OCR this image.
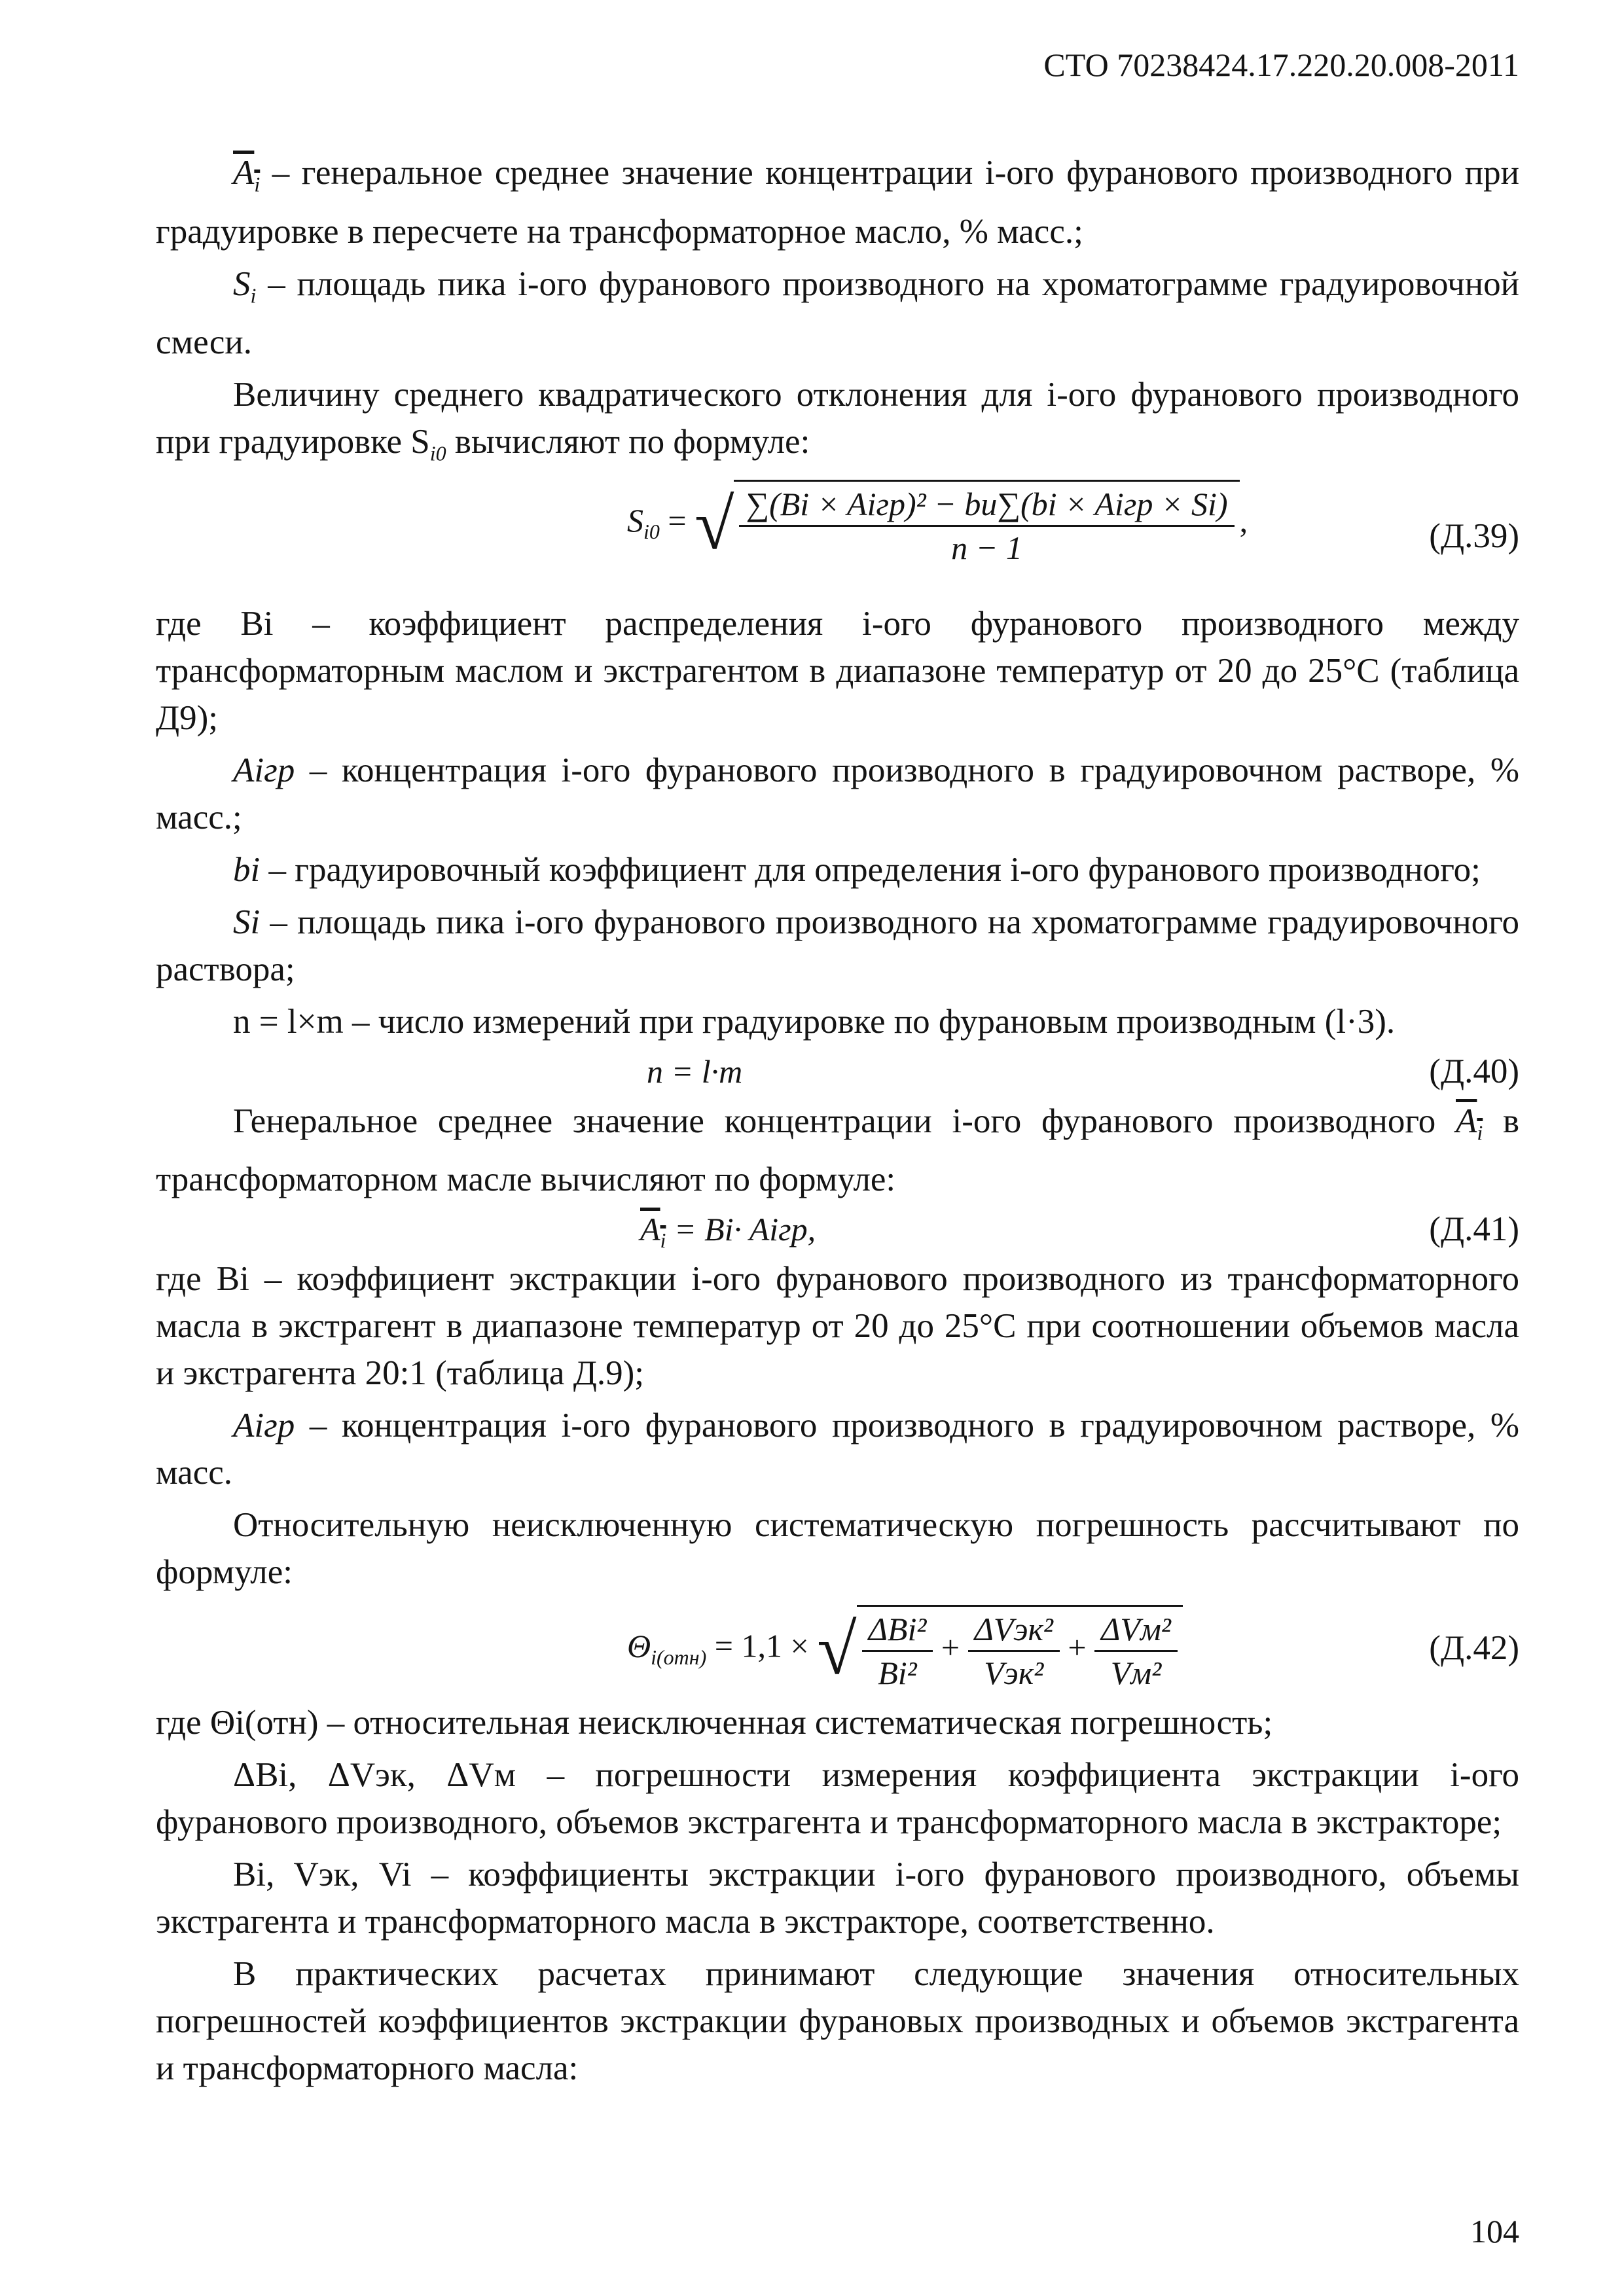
СТО 70238424.17.220.20.008-2011

$A_i$ – генеральное среднее значение концентрации i-ого фуранового производного при градуировке в пересчете на трансформаторное масло, % масс.;

$S_i$ – площадь пика i-ого фуранового производного на хроматограмме градуировочной смеси.

Величину среднего квадратического отклонения для i-ого фуранового производного при градуировке $S_{i0}$ вычисляют по формуле:

$S_{i0}$ = √ $\frac{\text{∑(Bi × Aiгр)² − bu∑(bi × Aiгр × Si)}}{n - 1}$ ,	(Д.39)

где Bi – коэффициент распределения i-ого фуранового производного между трансформаторным маслом и экстрагентом в диапазоне температур от 20 до 25°С (таблица Д9);

Aiгр – концентрация i-ого фуранового производного в градуировочном растворе, % масс.;

bi – градуировочный коэффициент для определения i-ого фуранового производного;

Si – площадь пика i-ого фуранового производного на хроматограмме градуировочного раствора;

n = l×m – число измерений при градуировке по фурановым производным (l·3).

n = l·m	(Д.40)

Генеральное среднее значение концентрации i-ого фуранового производного $A_i$ в трансформаторном масле вычисляют по формуле:

$A_i = Bi\cdot$ Aiгр,	(Д.41)

где Bi – коэффициент экстракции i-ого фуранового производного из трансформаторного масла в экстрагент в диапазоне температур от 20 до 25°С при соотношении объемов масла и экстрагента 20:1 (таблица Д.9);

Aiгр – концентрация i-ого фуранового производного в градуировочном растворе, % масс.

Относительную неисключенную систематическую погрешность рассчитывают по формуле:

$\Theta_{i(отн)} = 1,1$ × √ $\frac{\text{ΔBi²}}{\text{Bi²}} + \frac{\text{ΔVэк²}}{\text{Vэк²}} + \frac{\text{ΔVм²}}{\text{Vм²}}$	(Д.42)

где Θi(отн) – относительная неисключенная систематическая погрешность;

ΔBi, ΔVэк, ΔVм – погрешности измерения коэффициента экстракции i-ого фуранового производного, объемов экстрагента и трансформаторного масла в экстракторе;

Bi, Vэк, Vi – коэффициенты экстракции i-ого фуранового производного, объемы экстрагента и трансформаторного масла в экстракторе, соответственно.

В практических расчетах принимают следующие значения относительных погрешностей коэффициентов экстракции фурановых производных и объемов экстрагента и трансформаторного масла:

104
